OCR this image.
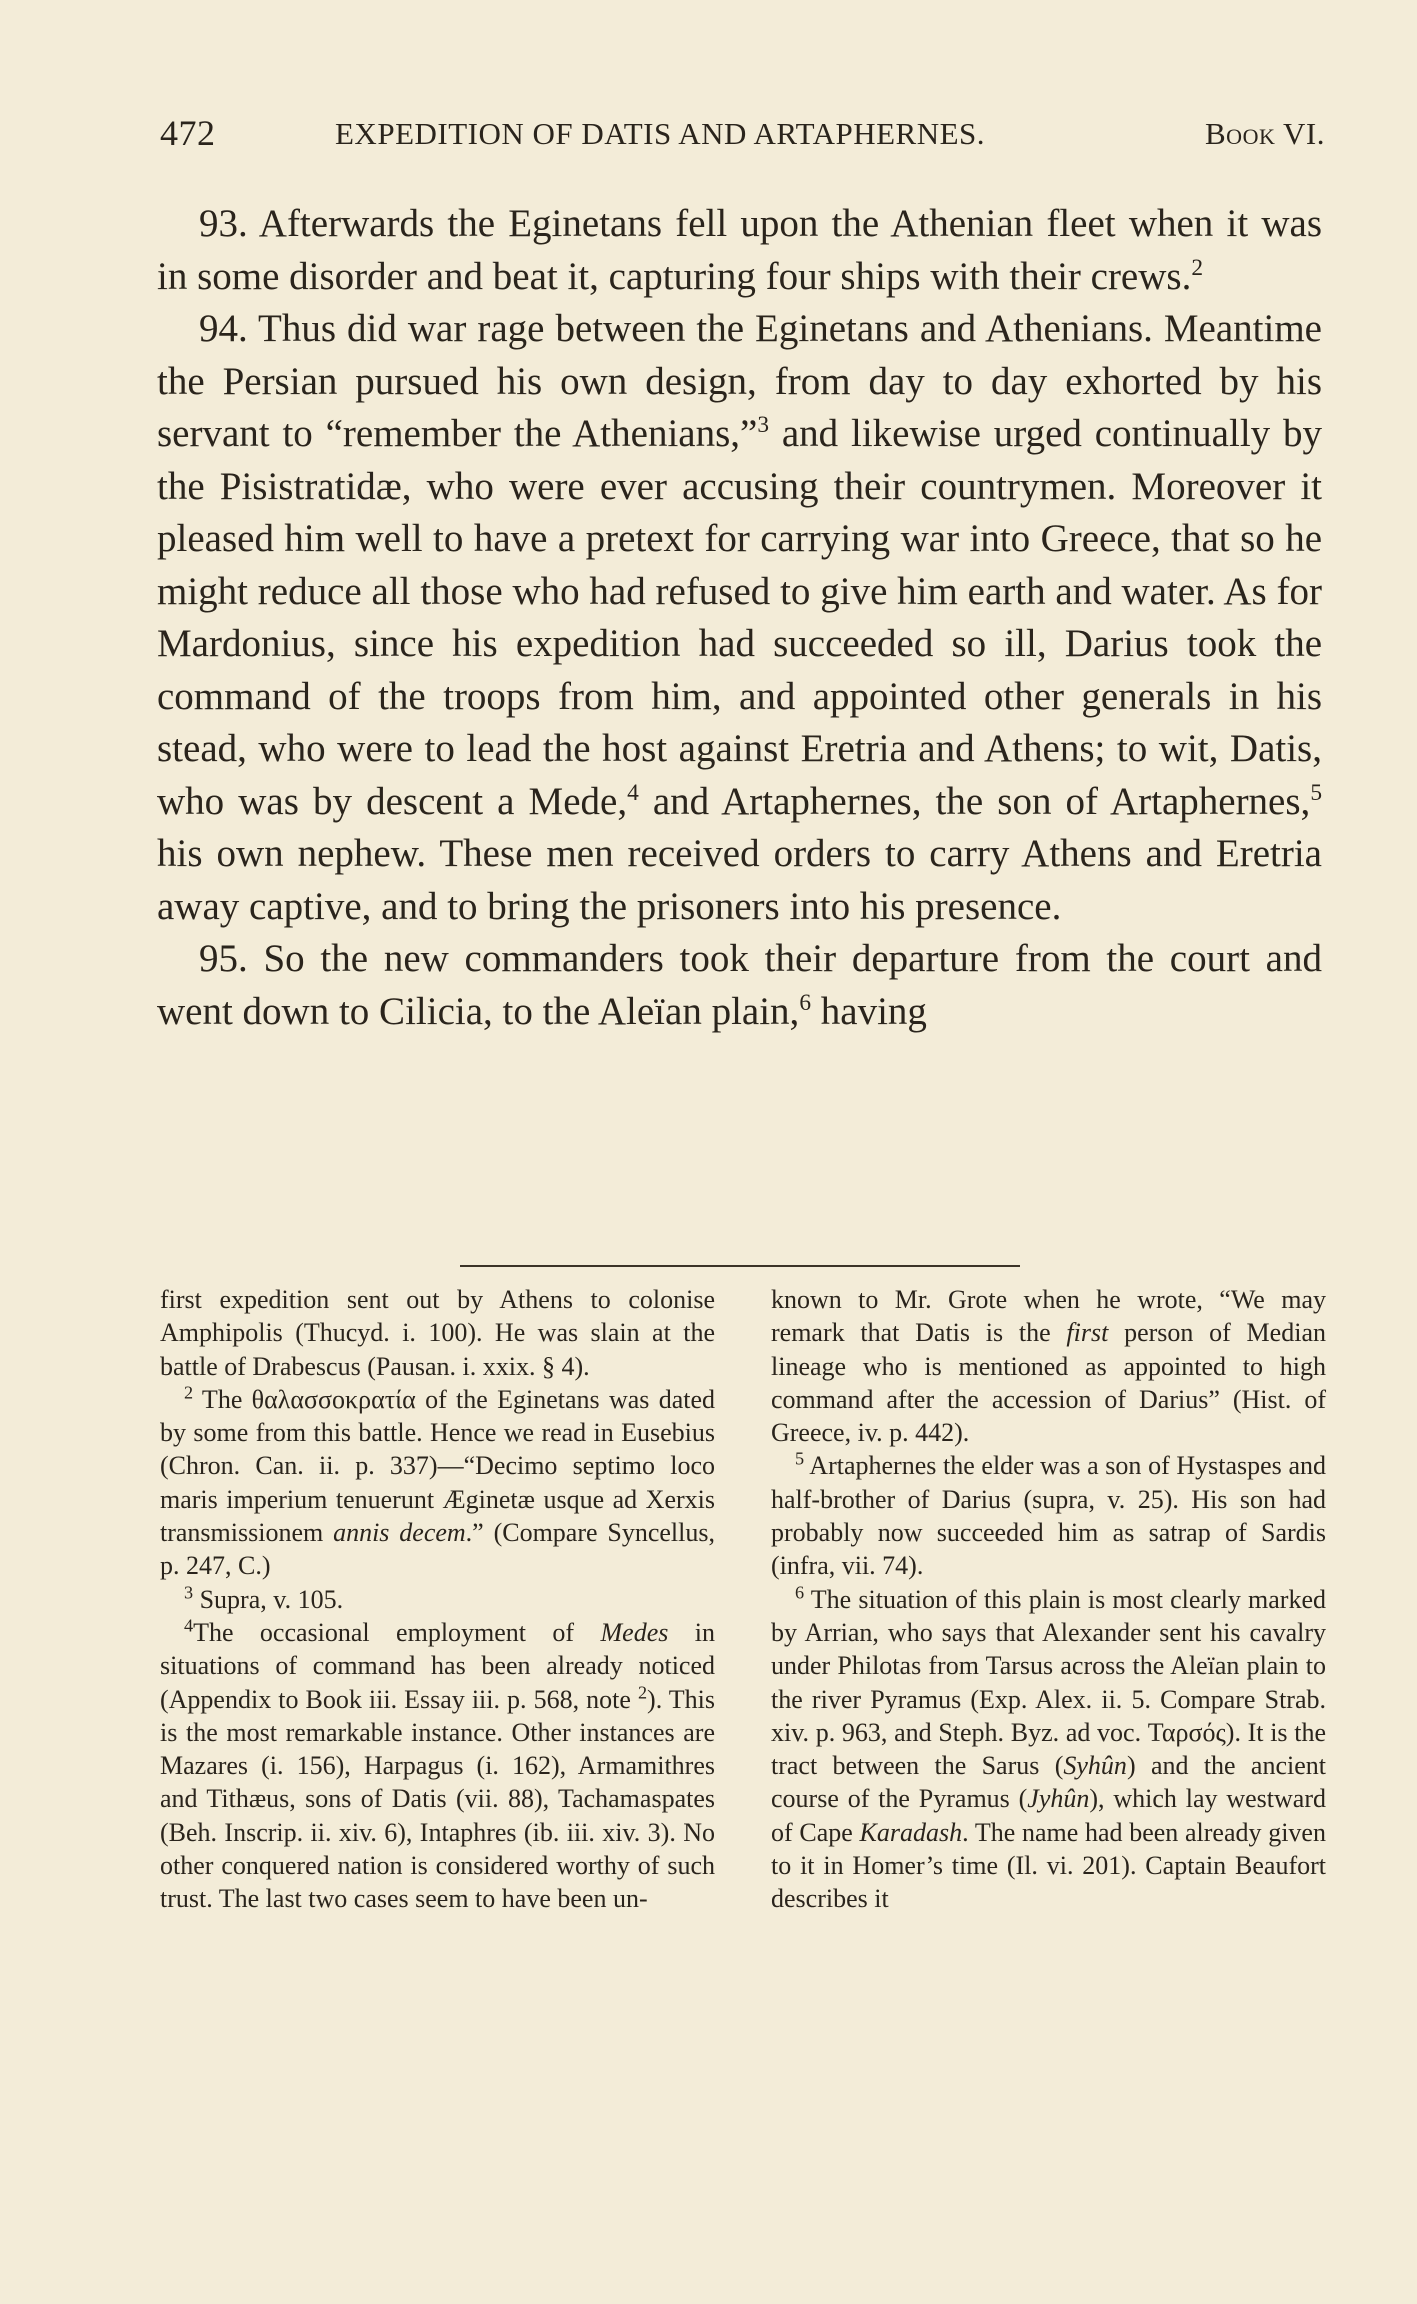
472	EXPEDITION OF DATIS AND ARTAPHERNES.	Book VI.

93. Afterwards the Eginetans fell upon the Athenian fleet when it was in some disorder and beat it, capturing four ships with their crews.$^2$

94. Thus did war rage between the Eginetans and Athenians. Meantime the Persian pursued his own design, from day to day exhorted by his servant to “remember the Athenians,”$^3$ and likewise urged continually by the Pisistratidæ, who were ever accusing their countrymen. Moreover it pleased him well to have a pretext for carrying war into Greece, that so he might reduce all those who had refused to give him earth and water. As for Mardonius, since his expedition had succeeded so ill, Darius took the command of the troops from him, and appointed other generals in his stead, who were to lead the host against Eretria and Athens; to wit, Datis, who was by descent a Mede,$^4$ and Artaphernes, the son of Artaphernes,$^5$ his own nephew. These men received orders to carry Athens and Eretria away captive, and to bring the prisoners into his presence.

95. So the new commanders took their departure from the court and went down to Cilicia, to the Aleïan plain,$^6$ having

first expedition sent out by Athens to colonise Amphipolis (Thucyd. i. 100). He was slain at the battle of Drabescus (Pausan. i. xxix. § 4).

$^2$ The θαλασσοκρατία of the Eginetans was dated by some from this battle. Hence we read in Eusebius (Chron. Can. ii. p. 337)—“Decimo septimo loco maris imperium tenuerunt Æginetæ usque ad Xerxis transmissionem annis decem.” (Compare Syncellus, p. 247, C.)

$^3$ Supra, v. 105.

$^4$The occasional employment of Medes in situations of command has been already noticed (Appendix to Book iii. Essay iii. p. 568, note $^2$). This is the most remarkable instance. Other instances are Mazares (i. 156), Harpagus (i. 162), Armamithres and Tithæus, sons of Datis (vii. 88), Tachamaspates (Beh. Inscrip. ii. xiv. 6), Intaphres (ib. iii. xiv. 3). No other conquered nation is considered worthy of such trust. The last two cases seem to have been un-

known to Mr. Grote when he wrote, “We may remark that Datis is the first person of Median lineage who is mentioned as appointed to high command after the accession of Darius” (Hist. of Greece, iv. p. 442).

$^5$ Artaphernes the elder was a son of Hystaspes and half-brother of Darius (supra, v. 25). His son had probably now succeeded him as satrap of Sardis (infra, vii. 74).

$^6$ The situation of this plain is most clearly marked by Arrian, who says that Alexander sent his cavalry under Philotas from Tarsus across the Aleïan plain to the river Pyramus (Exp. Alex. ii. 5. Compare Strab. xiv. p. 963, and Steph. Byz. ad voc. Ταρσός). It is the tract between the Sarus (Syhûn) and the ancient course of the Pyramus (Jyhûn), which lay westward of Cape Karadash. The name had been already given to it in Homer’s time (Il. vi. 201). Captain Beaufort describes it
